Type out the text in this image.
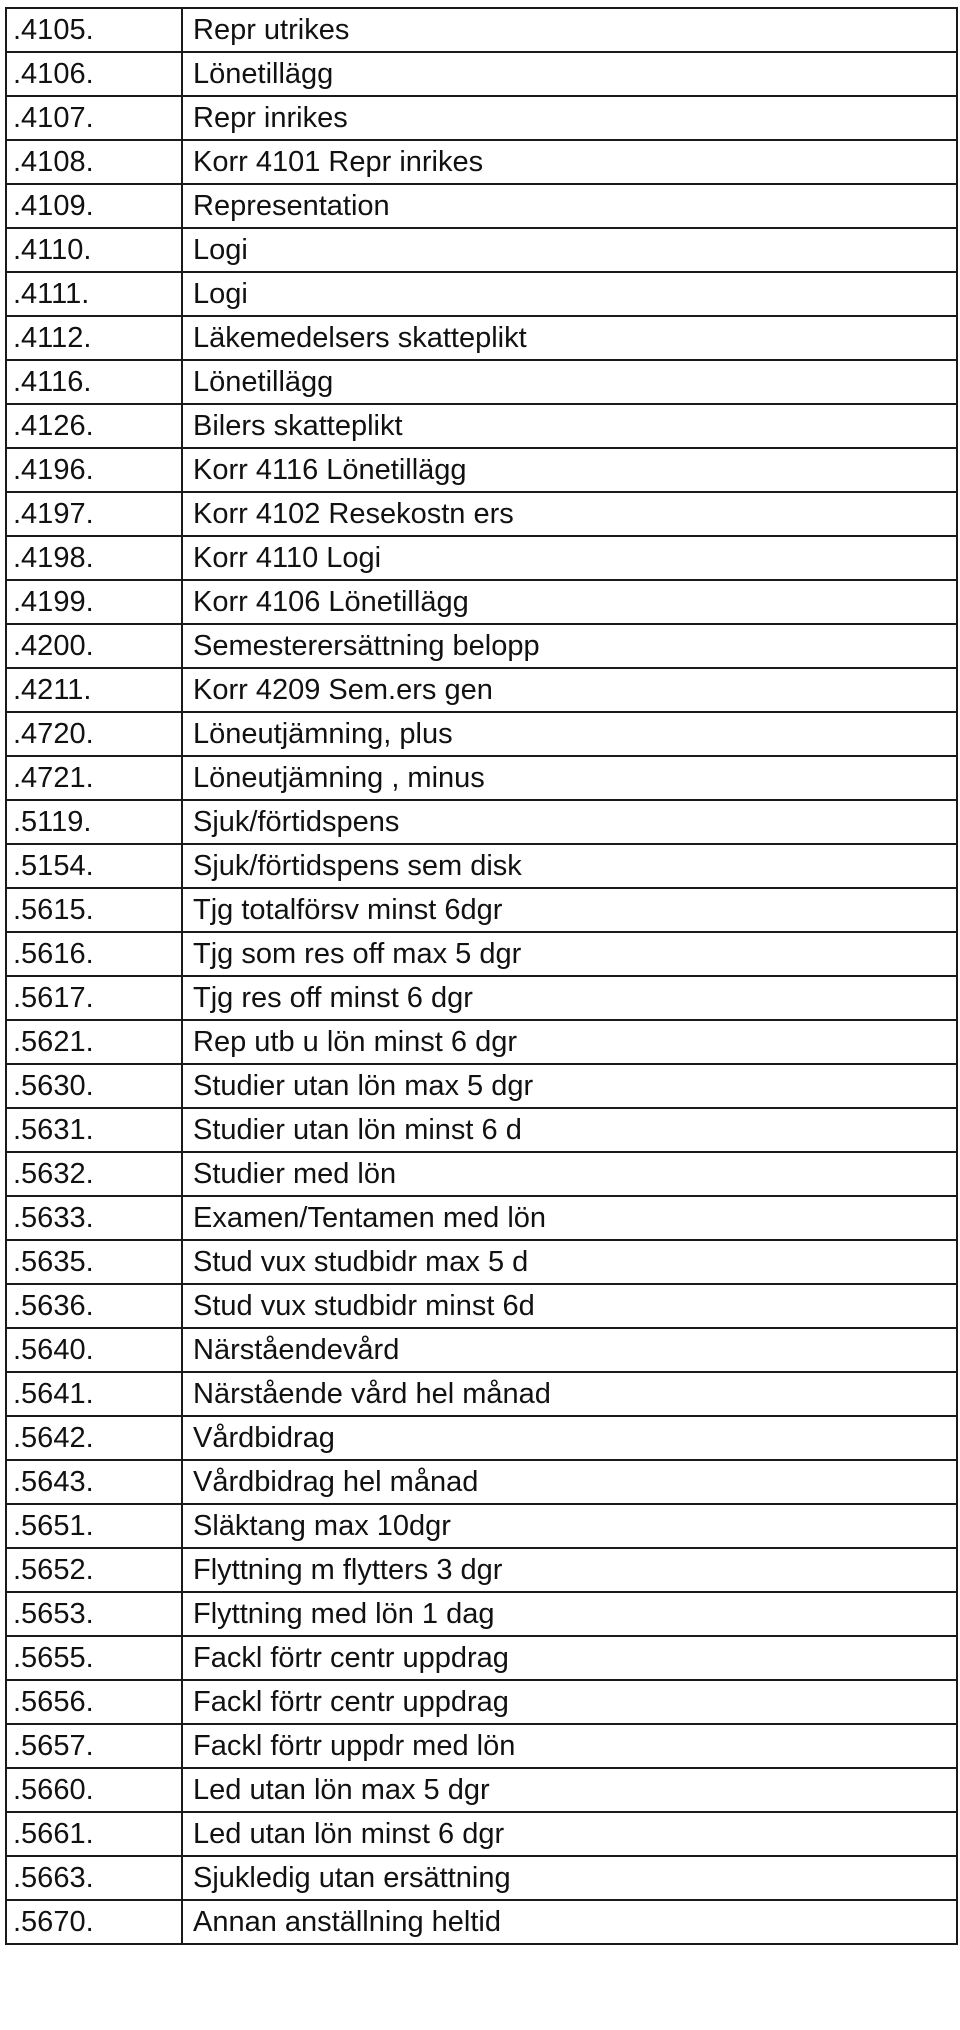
.4105.	Repr utrikes
.4106.	Lönetillägg
.4107.	Repr inrikes
.4108.	Korr 4101 Repr inrikes
.4109.	Representation
.4110.	Logi
.4111.	Logi
.4112.	Läkemedelsers skatteplikt
.4116.	Lönetillägg
.4126.	Bilers skatteplikt
.4196.	Korr 4116 Lönetillägg
.4197.	Korr 4102 Resekostn ers
.4198.	Korr 4110 Logi
.4199.	Korr 4106 Lönetillägg
.4200.	Semesterersättning belopp
.4211.	Korr 4209 Sem.ers gen
.4720.	Löneutjämning, plus
.4721.	Löneutjämning , minus
.5119.	Sjuk/förtidspens
.5154.	Sjuk/förtidspens sem disk
.5615.	Tjg totalförsv minst 6dgr
.5616.	Tjg som res off max 5 dgr
.5617.	Tjg res off minst 6 dgr
.5621.	Rep utb u lön minst 6 dgr
.5630.	Studier utan lön max 5 dgr
.5631.	Studier utan lön minst 6 d
.5632.	Studier med lön
.5633.	Examen/Tentamen med lön
.5635.	Stud vux studbidr max 5 d
.5636.	Stud vux studbidr minst 6d
.5640.	Närståendevård
.5641.	Närstående vård hel månad
.5642.	Vårdbidrag
.5643.	Vårdbidrag hel månad
.5651.	Släktang max 10dgr
.5652.	Flyttning m flytters 3 dgr
.5653.	Flyttning med lön 1 dag
.5655.	Fackl förtr centr uppdrag
.5656.	Fackl förtr centr uppdrag
.5657.	Fackl förtr uppdr med lön
.5660.	Led utan lön max 5 dgr
.5661.	Led utan lön minst 6 dgr
.5663.	Sjukledig utan ersättning
.5670.	Annan anställning heltid
